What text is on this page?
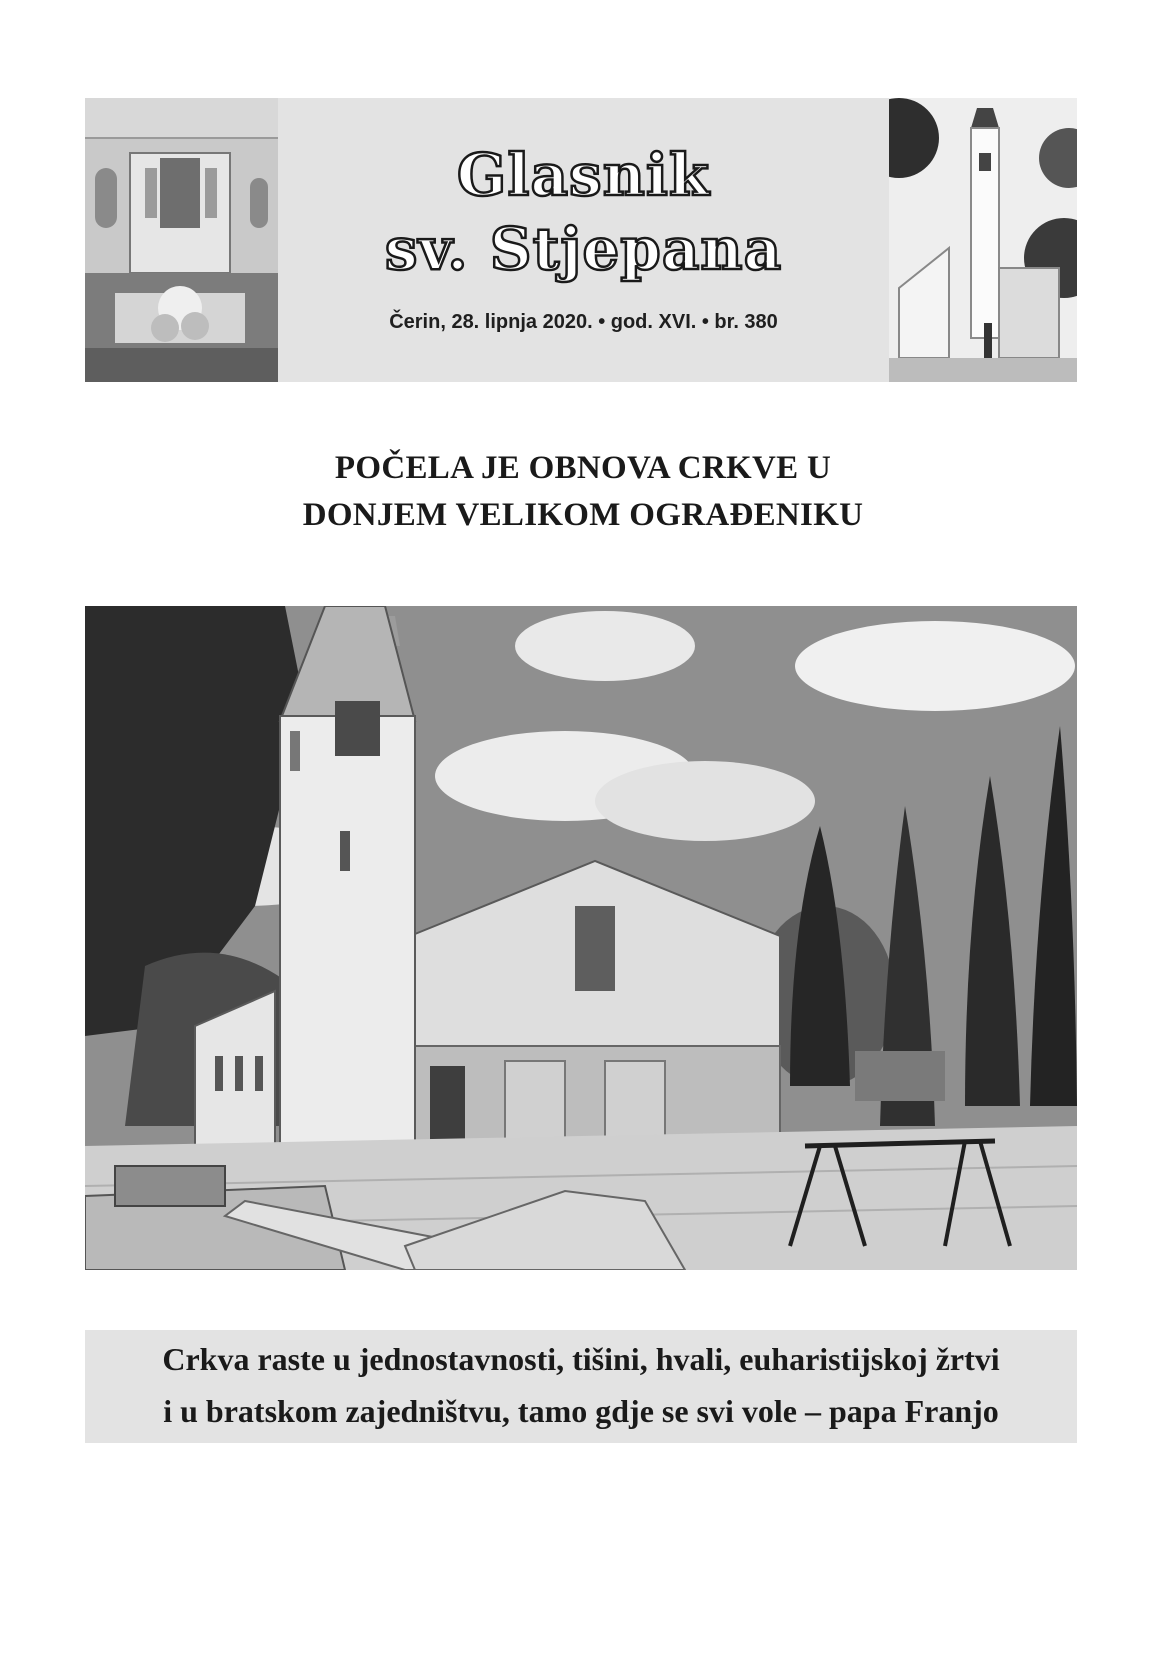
Glasnik
sv. Stjepana
Čerin, 28. lipnja 2020. • god. XVI. • br. 380
POČELA JE OBNOVA CRKVE U
DONJEM VELIKOM OGRAĐENIKU
Crkva raste u jednostavnosti, tišini, hvali, euharistijskoj žrtvi
i u bratskom zajedništvu, tamo gdje se svi vole – papa Franjo
